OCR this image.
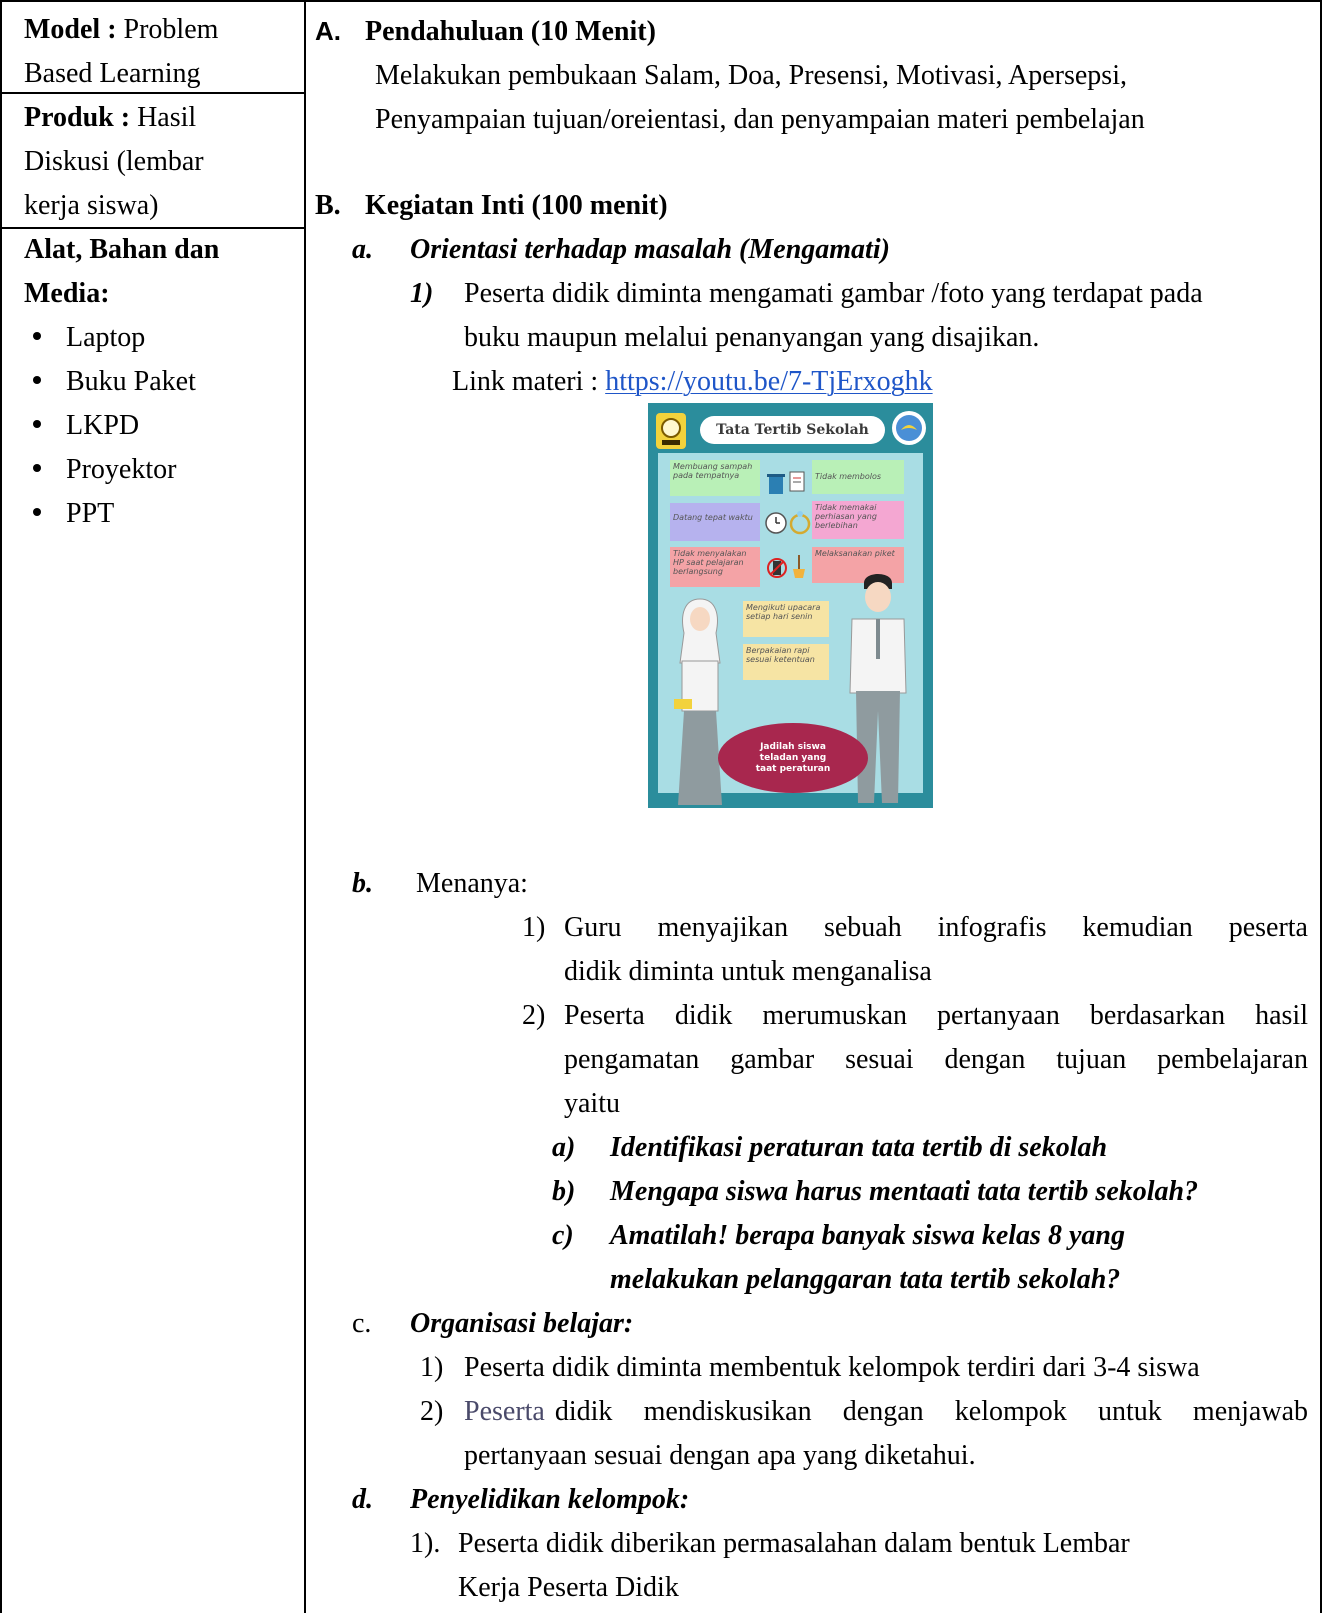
Model : Problem
Based Learning
Produk : Hasil
Diskusi (lembar
kerja siswa)
Alat, Bahan dan
Media:
Laptop
Buku Paket
LKPD
Proyektor
PPT
A. Pendahuluan (10 Menit)
Melakukan pembukaan Salam, Doa, Presensi, Motivasi, Apersepsi,
Penyampaian tujuan/oreientasi, dan penyampaian materi pembelajan
B. Kegiatan Inti (100 menit)
a. Orientasi terhadap masalah (Mengamati)
1) Peserta didik diminta mengamati gambar /foto yang terdapat pada
buku maupun melalui penanyangan yang disajikan.
Link materi : https://youtu.be/7-TjErxoghk
Tata Tertib Sekolah
Membuang sampah pada tempatnya	Tidak membolos
Datang tepat waktu
Tidak memakai perhiasan yang berlebihan
Tidak menyalakan HP saat pelajaran berlangsung
Melaksanakan piket
Mengikuti upacara setiap hari senin
Berpakaian rapi sesuai ketentuan
Jadilah siswa teladan yang taat peraturan
b. Menanya:
1) Guru menyajikan sebuah infografis kemudian peserta
didik diminta untuk menganalisa
2) Peserta didik merumuskan pertanyaan berdasarkan hasil
pengamatan gambar sesuai dengan tujuan pembelajaran
yaitu
a) Identifikasi peraturan tata tertib di sekolah
b) Mengapa siswa harus mentaati tata tertib sekolah?
c) Amatilah! berapa banyak siswa kelas 8 yang
melakukan pelanggaran tata tertib sekolah?
c. Organisasi belajar:
1) Peserta didik diminta membentuk kelompok terdiri dari 3-4 siswa
2) Peserta didik mendiskusikan dengan kelompok untuk menjawab
pertanyaan sesuai dengan apa yang diketahui.
d. Penyelidikan kelompok:
1). Peserta didik diberikan permasalahan dalam bentuk Lembar
Kerja Peserta Didik
